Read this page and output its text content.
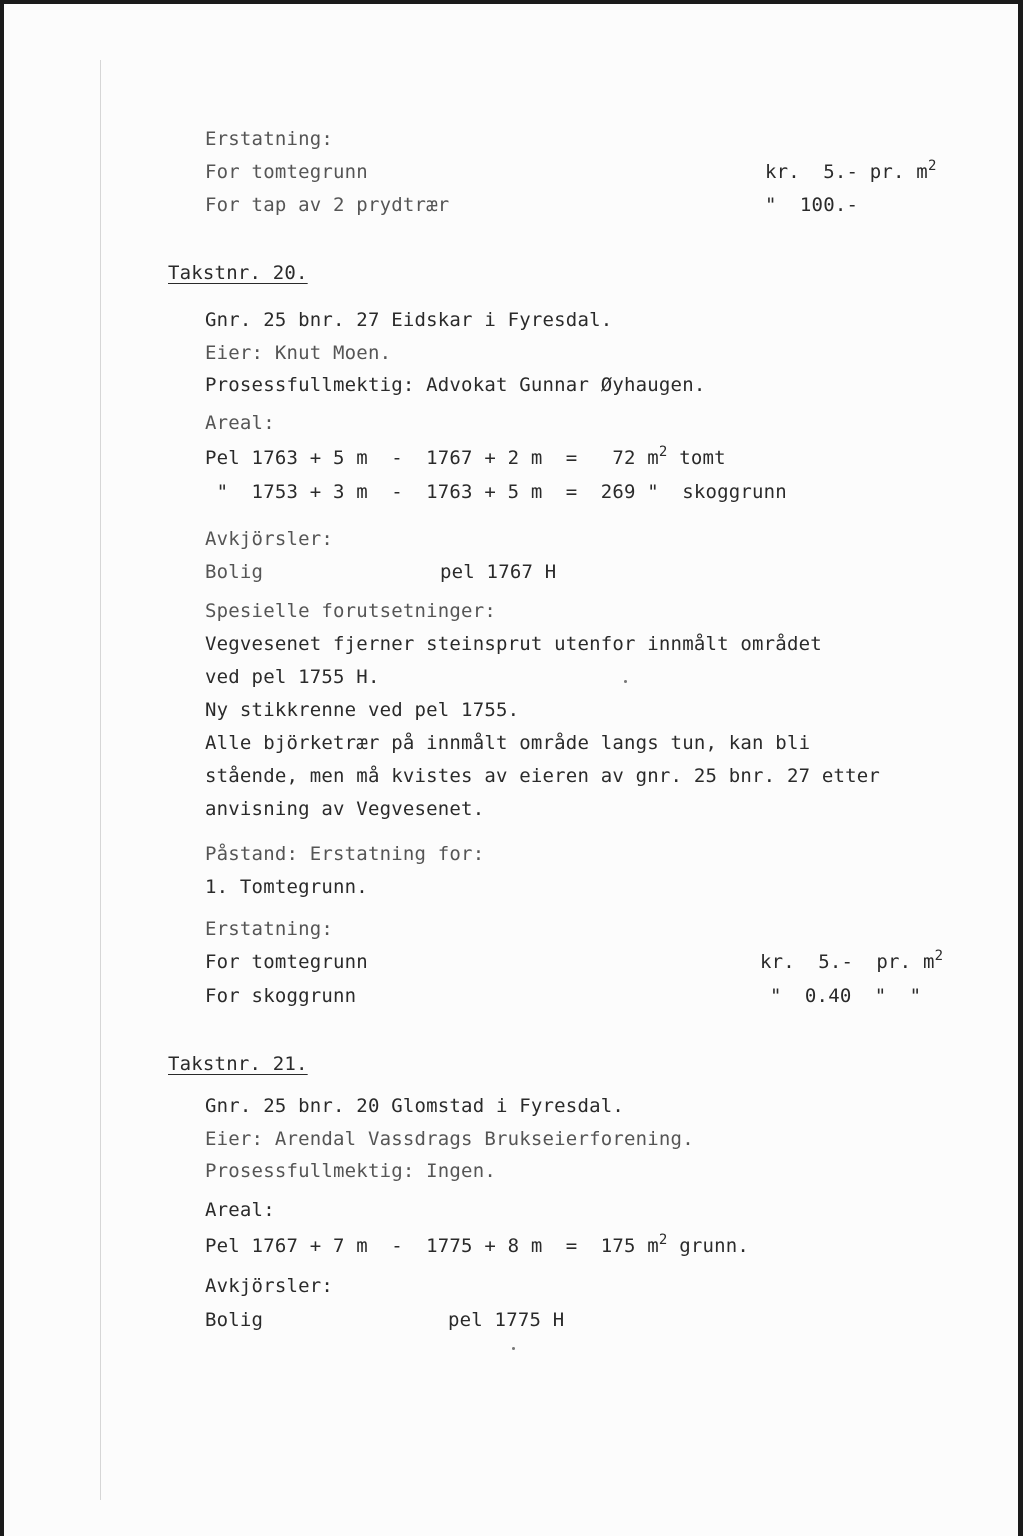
Erstatning:
For tomtegrunn	kr.  5.- pr. $m^2$
For tap av 2 prydtrær	"  100.-
Takstnr. 20.
Gnr. 25 bnr. 27 Eidskar i Fyresdal.
Eier: Knut Moen.
Prosessfullmektig: Advokat Gunnar Øyhaugen.
Areal:
Pel 1763 + 5 m  -  1767 + 2 m  =   72 $m^2$ tomt
"  1753 + 3 m  -  1763 + 5 m  =  269 "  skoggrunn
Avkjörsler:
Bolig	pel 1767 H
Spesielle forutsetninger:
Vegvesenet fjerner steinsprut utenfor innmålt området
ved pel 1755 H.
Ny stikkrenne ved pel 1755.
Alle björketrær på innmålt område langs tun, kan bli
stående, men må kvistes av eieren av gnr. 25 bnr. 27 etter
anvisning av Vegvesenet.
Påstand: Erstatning for:
1. Tomtegrunn.
Erstatning:
For tomtegrunn	kr.  5.-  pr. $m^2$
For skoggrunn	"  0.40  "  "
Takstnr. 21.
Gnr. 25 bnr. 20 Glomstad i Fyresdal.
Eier: Arendal Vassdrags Brukseierforening.
Prosessfullmektig: Ingen.
Areal:
Pel 1767 + 7 m  -  1775 + 8 m  =  175 $m^2$ grunn.
Avkjörsler:
Bolig	pel 1775 H
